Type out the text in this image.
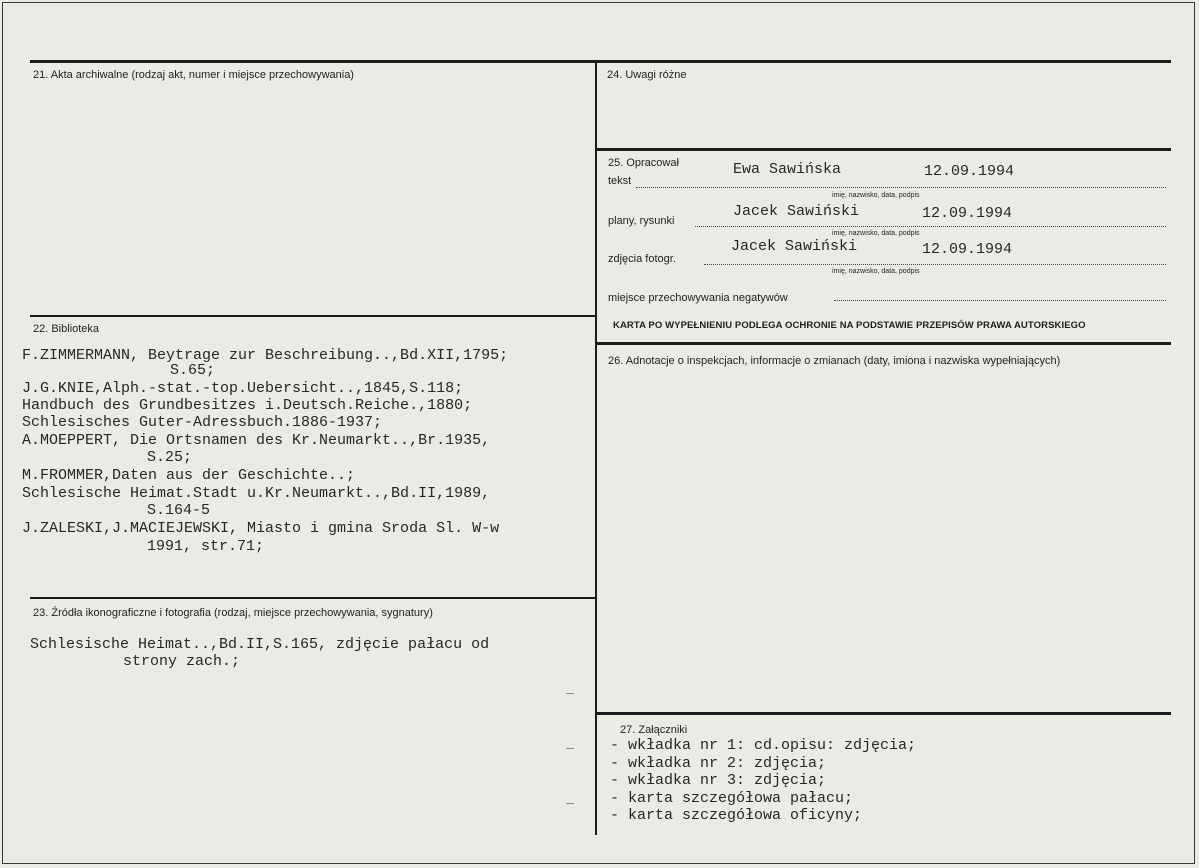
21. Akta archiwalne (rodzaj akt, numer i miejsce przechowywania)
22. Biblioteka
F.ZIMMERMANN, Beytrage zur Beschreibung..,Bd.XII,1795;
S.65;
J.G.KNIE,Alph.-stat.-top.Uebersicht..,1845,S.118;
Handbuch des Grundbesitzes i.Deutsch.Reiche.,1880;
Schlesisches Guter-Adressbuch.1886-1937;
A.MOEPPERT, Die Ortsnamen des Kr.Neumarkt..,Br.1935,
S.25;
M.FROMMER,Daten aus der Geschichte..;
Schlesische Heimat.Stadt u.Kr.Neumarkt..,Bd.II,1989,
S.164-5
J.ZALESKI,J.MACIEJEWSKI, Miasto i gmina Sroda Sl. W-w
1991, str.71;
23. Źródła ikonograficzne i fotografia (rodzaj, miejsce przechowywania, sygnatury)
Schlesische Heimat..,Bd.II,S.165, zdjęcie pałacu od
strony zach.;
24. Uwagi różne
25. Opracował	Ewa Sawińska	12.09.1994
tekst
imię, nazwisko, data, podpis
Jacek Sawiński	12.09.1994
plany, rysunki
imię, nazwisko, data, podpis
Jacek Sawiński	12.09.1994
zdjęcia fotogr.
imię, nazwisko, data, podpis
miejsce przechowywania negatywów
KARTA PO WYPEŁNIENIU PODLEGA OCHRONIE NA PODSTAWIE PRZEPISÓW PRAWA AUTORSKIEGO
26. Adnotacje o inspekcjach, informacje o zmianach (daty, imiona i nazwiska wypełniających)
27. Załączniki
- wkładka nr 1: cd.opisu: zdjęcia;
- wkładka nr 2: zdjęcia;
- wkładka nr 3: zdjęcia;
- karta szczegółowa pałacu;
- karta szczegółowa oficyny;
